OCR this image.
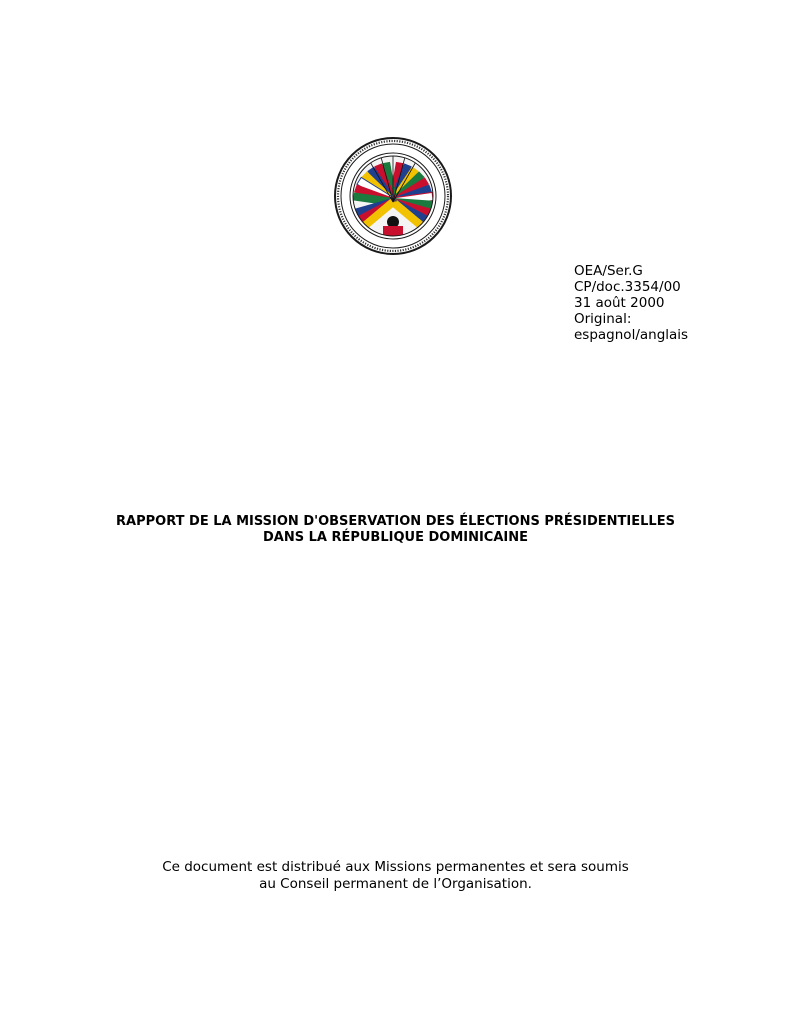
OEA/Ser.G
CP/doc.3354/00
31 août 2000
Original:
espagnol/anglais
RAPPORT DE LA MISSION D'OBSERVATION DES ÉLECTIONS PRÉSIDENTIELLES
DANS LA RÉPUBLIQUE DOMINICAINE
Ce document est distribué aux Missions permanentes et sera soumis
au Conseil permanent de l’Organisation.
